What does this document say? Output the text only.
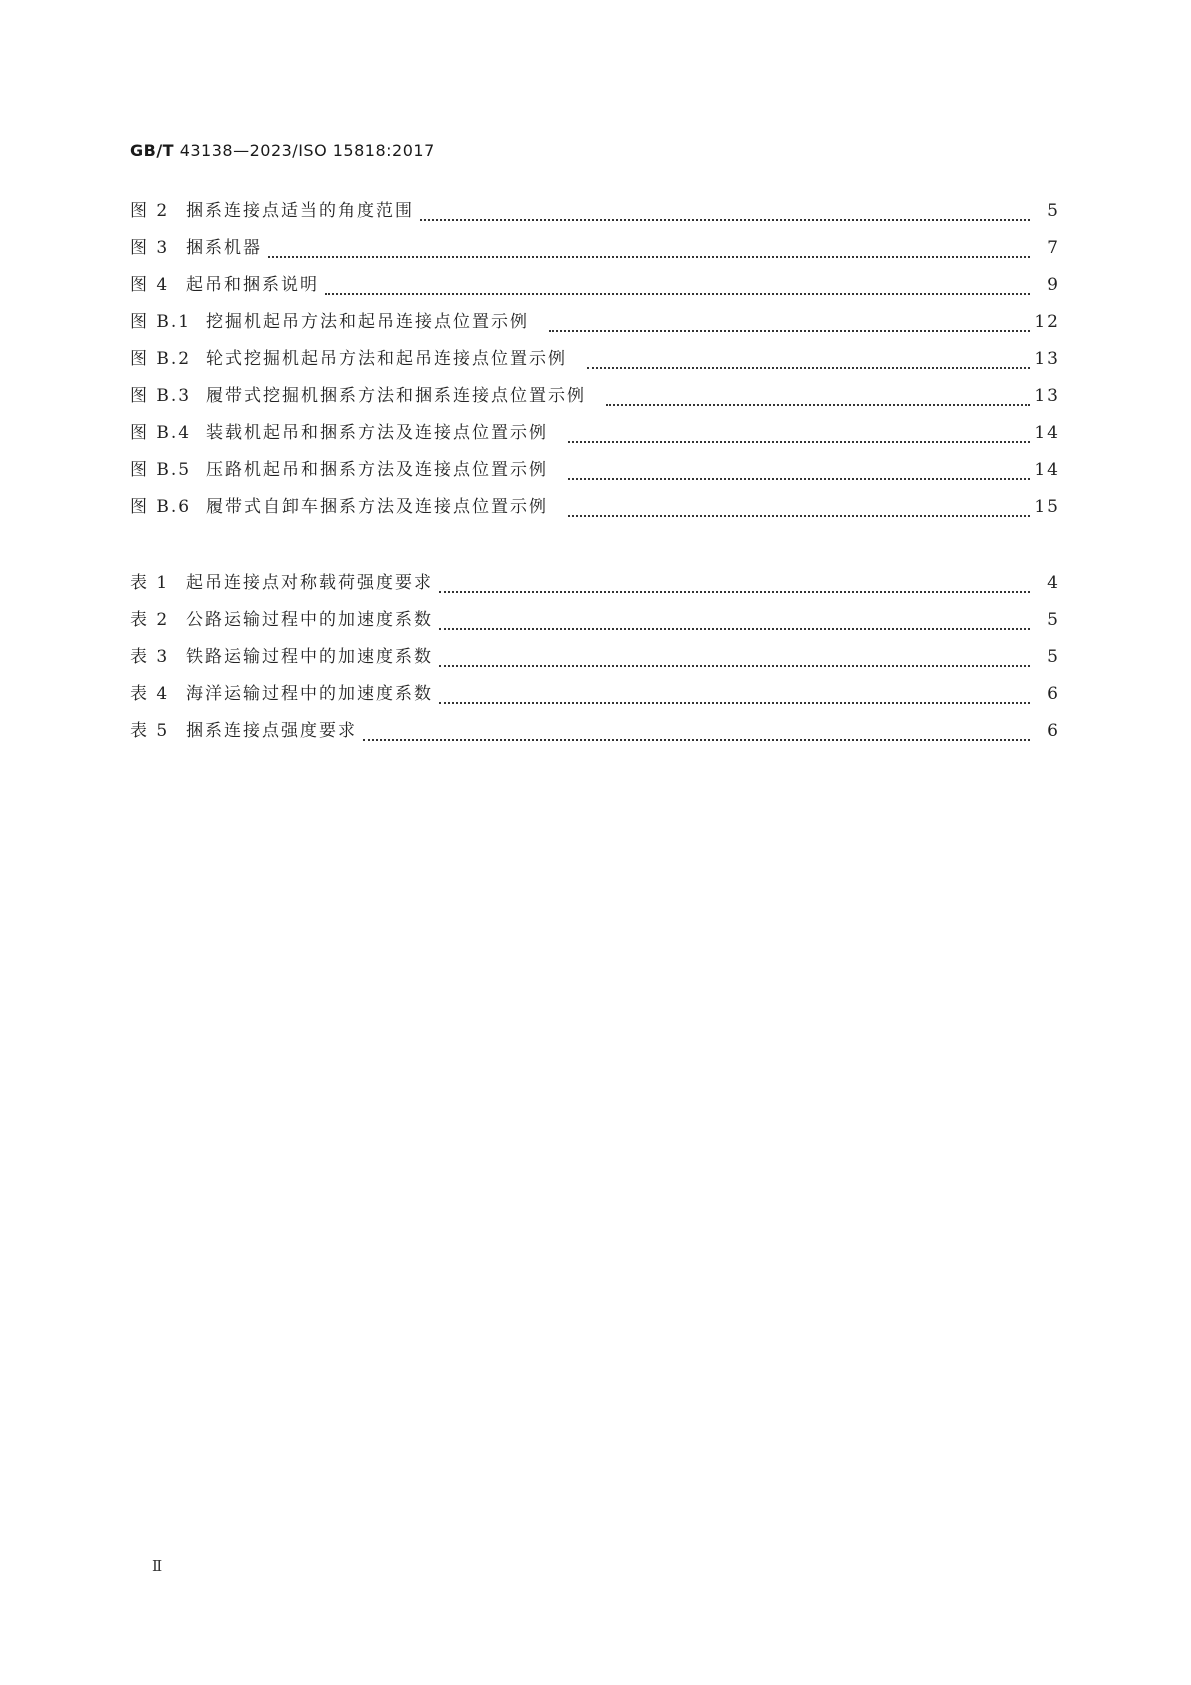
GB/T 43138—2023/ISO 15818:2017
图 2 捆系连接点适当的角度范围	5
图 3 捆系机器	7
图 4 起吊和捆系说明	9
图 B.1 挖掘机起吊方法和起吊连接点位置示例	12
图 B.2 轮式挖掘机起吊方法和起吊连接点位置示例	13
图 B.3 履带式挖掘机捆系方法和捆系连接点位置示例	13
图 B.4 装载机起吊和捆系方法及连接点位置示例	14
图 B.5 压路机起吊和捆系方法及连接点位置示例	14
图 B.6 履带式自卸车捆系方法及连接点位置示例	15
表 1 起吊连接点对称载荷强度要求	4
表 2 公路运输过程中的加速度系数	5
表 3 铁路运输过程中的加速度系数	5
表 4 海洋运输过程中的加速度系数	6
表 5 捆系连接点强度要求	6
Ⅱ
